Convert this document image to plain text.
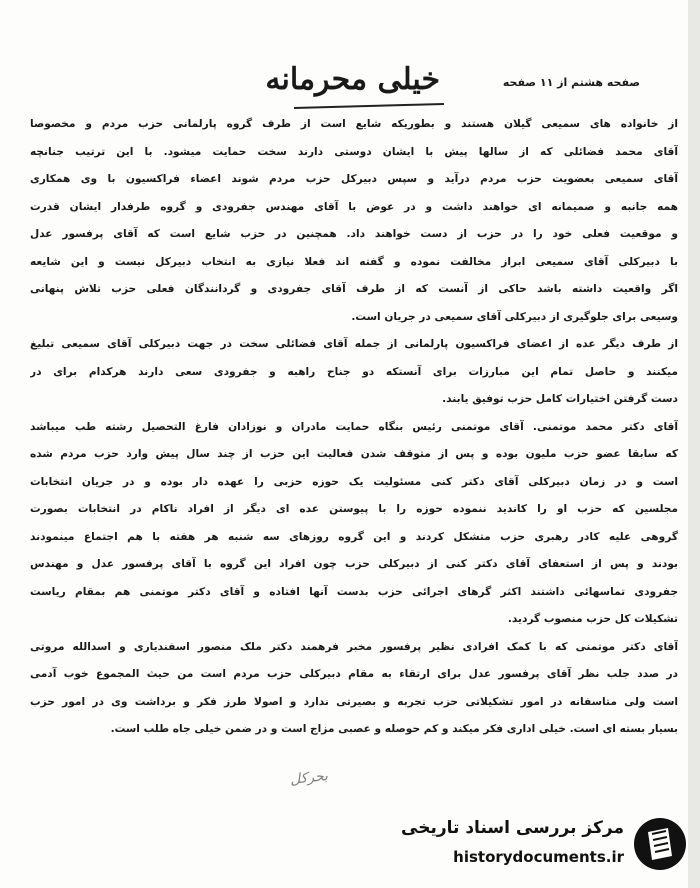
خیلی محرمانه	صفحه هشتم از ۱۱ صفحه
از خانواده های سمیعی گیلان هستند و بطوریکه شایع است از طرف گروه پارلمانی حزب مردم و مخصوصا
آقای محمد فضائلی که از سالها پیش با ایشان دوستی دارند سخت حمایت میشود. با این ترتیب جنانچه
آقای سمیعی بعضویت حزب مردم درآید و سپس دبیرکل حزب مردم شوند اعضاء فراکسیون با وی همکاری
همه جانبه و صمیمانه ای خواهند داشت و در عوض با آقای مهندس جفرودی و گروه طرفدار ایشان قدرت
و موقعیت فعلی خود را در حزب از دست خواهند داد. همچنین در حزب شایع است که آقای پرفسور عدل
با دبیرکلی آقای سمیعی ابراز مخالفت نموده و گفته اند فعلا نیازی به انتخاب دبیرکل نیست و این شایعه
اگر واقعیت داشته باشد حاکی از آنست که از طرف آقای جفرودی و گردانندگان فعلی حزب تلاش پنهانی
وسیعی برای جلوگیری از دبیرکلی آقای سمیعی در جریان است.
از طرف دیگر عده از اعضای فراکسیون پارلمانی از جمله آقای فضائلی سخت در جهت دبیرکلی آقای سمیعی تبلیغ
میکنند و حاصل تمام این مبارزات برای آنستکه دو جناح راهبه و جفرودی سعی دارند هرکدام برای در
دست گرفتن اختیارات کامل حزب توفیق یابند.
آقای دکتر محمد موتمنی. آقای موتمنی رئیس بنگاه حمایت مادران و نوزادان فارغ التحصیل رشته طب میباشد
که سابقا عضو حزب ملیون بوده و پس از متوقف شدن فعالیت این حزب از چند سال پیش وارد حزب مردم شده
است و در زمان دبیرکلی آقای دکتر کنی مسئولیت یک حوزه حزبی را عهده دار بوده و در جریان انتخابات
مجلسین که حزب او را کاندید ننموده حوزه را با پیوستن عده ای دیگر از افراد ناکام در انتخابات بصورت
گروهی علیه کادر رهبری حزب متشکل کردند و این گروه روزهای سه شنبه هر هفته با هم اجتماع مینمودند
بودند و پس از استعفای آقای دکتر کنی از دبیرکلی حزب چون افراد این گروه با آقای پرفسور عدل و مهندس
جفرودی تماسهائی داشتند اکثر گرهای اجرائی حزب بدست آنها افتاده و آقای دکتر موتمنی هم بمقام ریاست
تشکیلات کل حزب منصوب گردید.
آقای دکتر موتمنی که با کمک افرادی نظیر پرفسور مخبر فرهمند دکتر ملک منصور اسفندیاری و اسدالله مروتی
در صدد جلب نظر آقای پرفسور عدل برای ارتقاء به مقام دبیرکلی حزب مردم است من حیث المجموع خوب آدمی
است ولی متاسفانه در امور تشکیلاتی حزب تجربه و بصیرتی ندارد و اصولا طرز فکر و برداشت وی در امور حزب
بسیار بسته ای است. خیلی اداری فکر میکند و کم حوصله و عصبی مزاج است و در ضمن خیلی جاه طلب است.
بحرکل
مرکز بررسی اسناد تاریخی
historydocuments.ir
